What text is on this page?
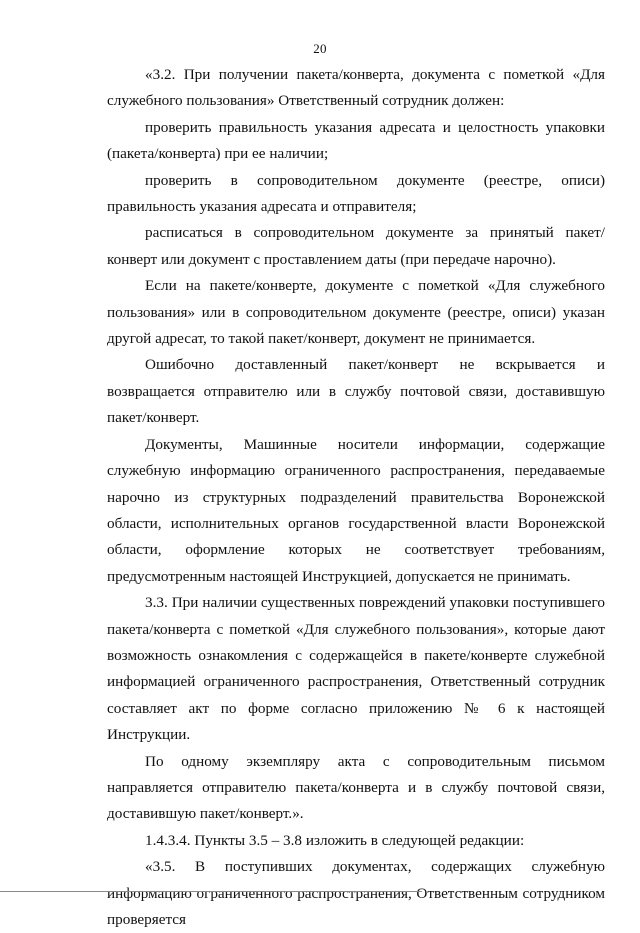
20

«3.2. При получении пакета/конверта, документа с пометкой «Для служебного пользования» Ответственный сотрудник должен:

проверить правильность указания адресата и целостность упаковки (пакета/конверта) при ее наличии;

проверить в сопроводительном документе (реестре, описи) правильность указания адресата и отправителя;

расписаться в сопроводительном документе за принятый пакет/конверт или документ с проставлением даты (при передаче нарочно).

Если на пакете/конверте, документе с пометкой «Для служебного пользования» или в сопроводительном документе (реестре, описи) указан другой адресат, то такой пакет/конверт, документ не принимается.

Ошибочно доставленный пакет/конверт не вскрывается и возвращается отправителю или в службу почтовой связи, доставившую пакет/конверт.

Документы, Машинные носители информации, содержащие служебную информацию ограниченного распространения, передаваемые нарочно из структурных подразделений правительства Воронежской области, исполнительных органов государственной власти Воронежской области, оформление которых не соответствует требованиям, предусмотренным настоящей Инструкцией, допускается не принимать.

3.3. При наличии существенных повреждений упаковки поступившего пакета/конверта с пометкой «Для служебного пользования», которые дают возможность ознакомления с содержащейся в пакете/конверте служебной информацией ограниченного распространения, Ответственный сотрудник составляет акт по форме согласно приложению № 6 к настоящей Инструкции.

По одному экземпляру акта с сопроводительным письмом направляется отправителю пакета/конверта и в службу почтовой связи, доставившую пакет/конверт.».

1.4.3.4. Пункты 3.5 – 3.8 изложить в следующей редакции:

«3.5. В поступивших документах, содержащих служебную информацию ограниченного распространения, Ответственным сотрудником проверяется
